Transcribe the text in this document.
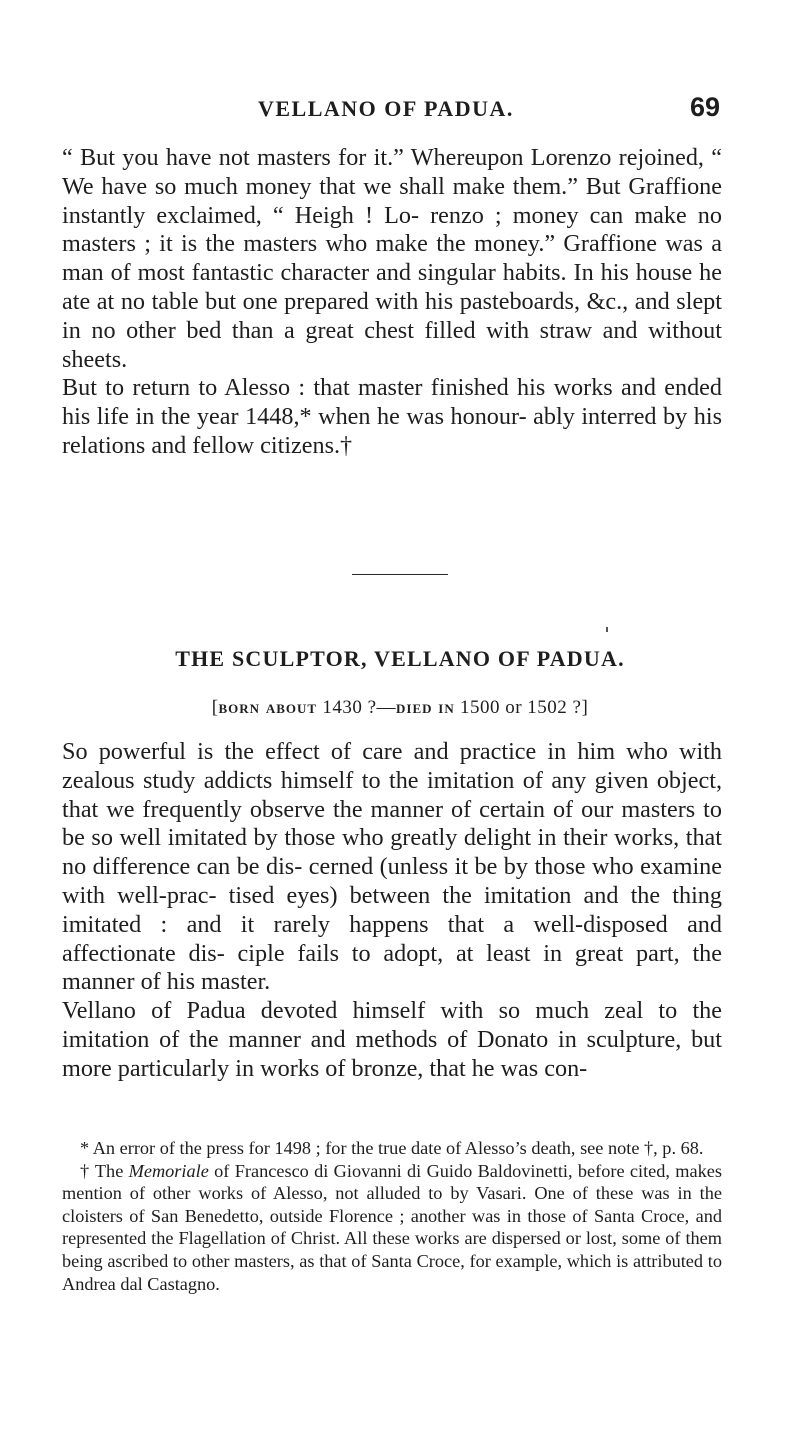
VELLANO OF PADUA.	69

“ But you have not masters for it.” Whereupon Lorenzo rejoined, “ We have so much money that we shall make them.” But Graffione instantly exclaimed, “ Heigh ! Lo- renzo ; money can make no masters ; it is the masters who make the money.” Graffione was a man of most fantastic character and singular habits. In his house he ate at no table but one prepared with his pasteboards, &c., and slept in no other bed than a great chest filled with straw and without sheets.

But to return to Alesso : that master finished his works and ended his life in the year 1448,* when he was honour- ably interred by his relations and fellow citizens.†

THE SCULPTOR, VELLANO OF PADUA.
[born about 1430 ?—died in 1500 or 1502 ?]

So powerful is the effect of care and practice in him who with zealous study addicts himself to the imitation of any given object, that we frequently observe the manner of certain of our masters to be so well imitated by those who greatly delight in their works, that no difference can be dis- cerned (unless it be by those who examine with well-prac- tised eyes) between the imitation and the thing imitated : and it rarely happens that a well-disposed and affectionate dis- ciple fails to adopt, at least in great part, the manner of his master.

Vellano of Padua devoted himself with so much zeal to the imitation of the manner and methods of Donato in sculpture, but more particularly in works of bronze, that he was con-

* An error of the press for 1498 ; for the true date of Alesso’s death, see note †, p. 68.

† The Memoriale of Francesco di Giovanni di Guido Baldovinetti, before cited, makes mention of other works of Alesso, not alluded to by Vasari. One of these was in the cloisters of San Benedetto, outside Florence ; another was in those of Santa Croce, and represented the Flagellation of Christ. All these works are dispersed or lost, some of them being ascribed to other masters, as that of Santa Croce, for example, which is attributed to Andrea dal Castagno.
